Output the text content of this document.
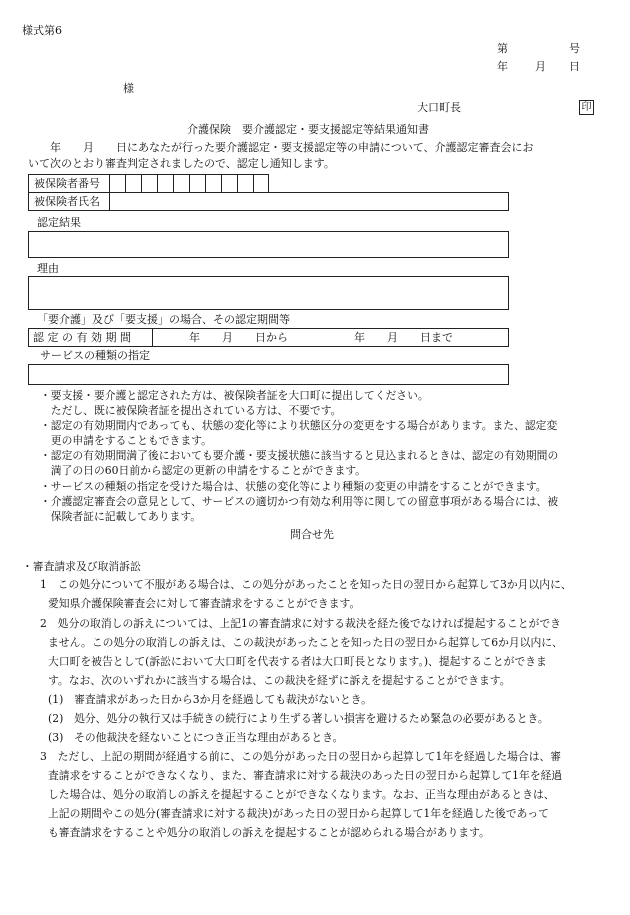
様式第6
第	号
年 月 日
様
大口町長	印
介護保険　要介護認定・要支援認定等結果通知書
　　年　　月　　日にあなたが行った要介護認定・要支援認定等の申請について、介護認定審査会にお
いて次のとおり審査判定されましたので、認定し通知します。
被保険者番号
被保険者氏名
認定結果
理由
「要介護」及び「要支援」の場合、その認定期間等
認 定 の 有 効 期 間	年　　月　　日から	年　　月　　日まで
サービスの種類の指定
・要支援・要介護と認定された方は、被保険者証を大口町に提出してください。
　ただし、既に被保険者証を提出されている方は、不要です。
・認定の有効期間内であっても、状態の変化等により状態区分の変更をする場合があります。また、認定変
　更の申請をすることもできます。
・認定の有効期間満了後においても要介護・要支援状態に該当すると見込まれるときは、認定の有効期間の
　満了の日の60日前から認定の更新の申請をすることができます。
・サービスの種類の指定を受けた場合は、状態の変化等により種類の変更の申請をすることができます。
・介護認定審査会の意見として、サービスの適切かつ有効な利用等に関しての留意事項がある場合には、被
　保険者証に記載してあります。
問合せ先
・審査請求及び取消訴訟
1　この処分について不服がある場合は、この処分があったことを知った日の翌日から起算して3か月以内に、
愛知県介護保険審査会に対して審査請求をすることができます。
2　処分の取消しの訴えについては、上記1の審査請求に対する裁決を経た後でなければ提起することができ
ません。この処分の取消しの訴えは、この裁決があったことを知った日の翌日から起算して6か月以内に、
大口町を被告として(訴訟において大口町を代表する者は大口町長となります。)、提起することができま
す。なお、次のいずれかに該当する場合は、この裁決を経ずに訴えを提起することができます。
(1)　審査請求があった日から3か月を経過しても裁決がないとき。
(2)　処分、処分の執行又は手続きの続行により生ずる著しい損害を避けるため緊急の必要があるとき。
(3)　その他裁決を経ないことにつき正当な理由があるとき。
3　ただし、上記の期間が経過する前に、この処分があった日の翌日から起算して1年を経過した場合は、審
査請求をすることができなくなり、また、審査請求に対する裁決のあった日の翌日から起算して1年を経過
した場合は、処分の取消しの訴えを提起することができなくなります。なお、正当な理由があるときは、
上記の期間やこの処分(審査請求に対する裁決)があった日の翌日から起算して1年を経過した後であって
も審査請求をすることや処分の取消しの訴えを提起することが認められる場合があります。
